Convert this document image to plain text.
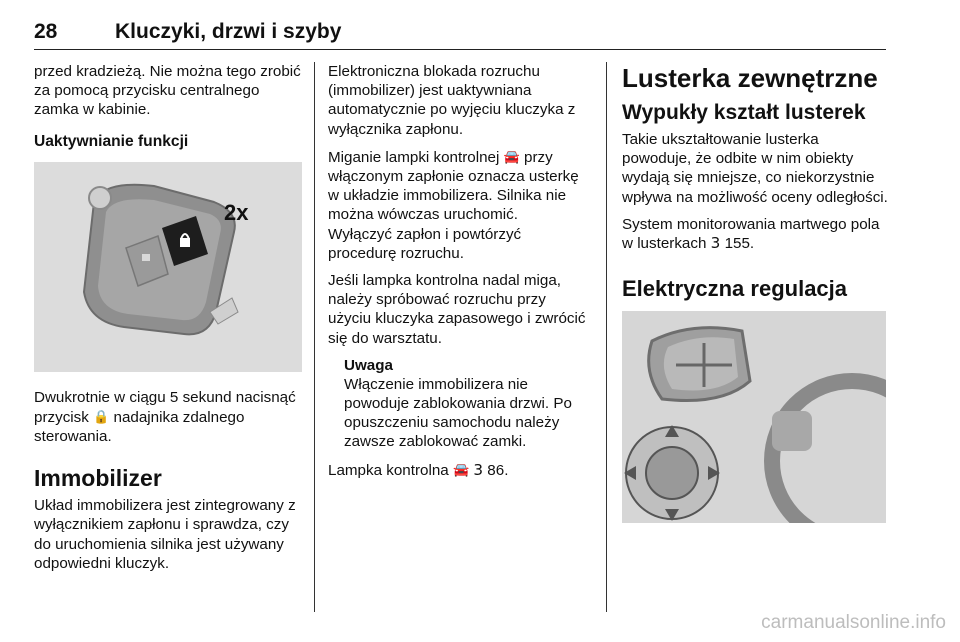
28	Kluczyki, drzwi i szyby

przed kradzieżą. Nie można tego zrobić za pomocą przycisku centralnego zamka w kabinie.

Uaktywnianie funkcji
2x

Dwukrotnie w ciągu 5 sekund nacisnąć przycisk 🔒 nadajnika zdalnego sterowania.

Immobilizer

Układ immobilizera jest zintegrowany z wyłącznikiem zapłonu i sprawdza, czy do uruchomienia silnika jest używany odpowiedni kluczyk.

Elektroniczna blokada rozruchu (immobilizer) jest uaktywniana automatycznie po wyjęciu kluczyka z wyłącznika zapłonu.

Miganie lampki kontrolnej 🚘 przy włączonym zapłonie oznacza usterkę w układzie immobilizera. Silnika nie można wówczas uruchomić.

Wyłączyć zapłon i powtórzyć procedurę rozruchu.

Jeśli lampka kontrolna nadal miga, należy spróbować rozruchu przy użyciu kluczyka zapasowego i zwrócić się do warsztatu.

Uwaga

Włączenie immobilizera nie powoduje zablokowania drzwi. Po opuszczeniu samochodu należy zawsze zablokować zamki.

Lampka kontrolna 🚘 3 86.

Lusterka zewnętrzne
Wypukły kształt lusterek

Takie ukształtowanie lusterka powoduje, że odbite w nim obiekty wydają się mniejsze, co niekorzystnie wpływa na możliwość oceny odległości.

System monitorowania martwego pola w lusterkach 3 155.

Elektryczna regulacja
carmanualsonline.info
